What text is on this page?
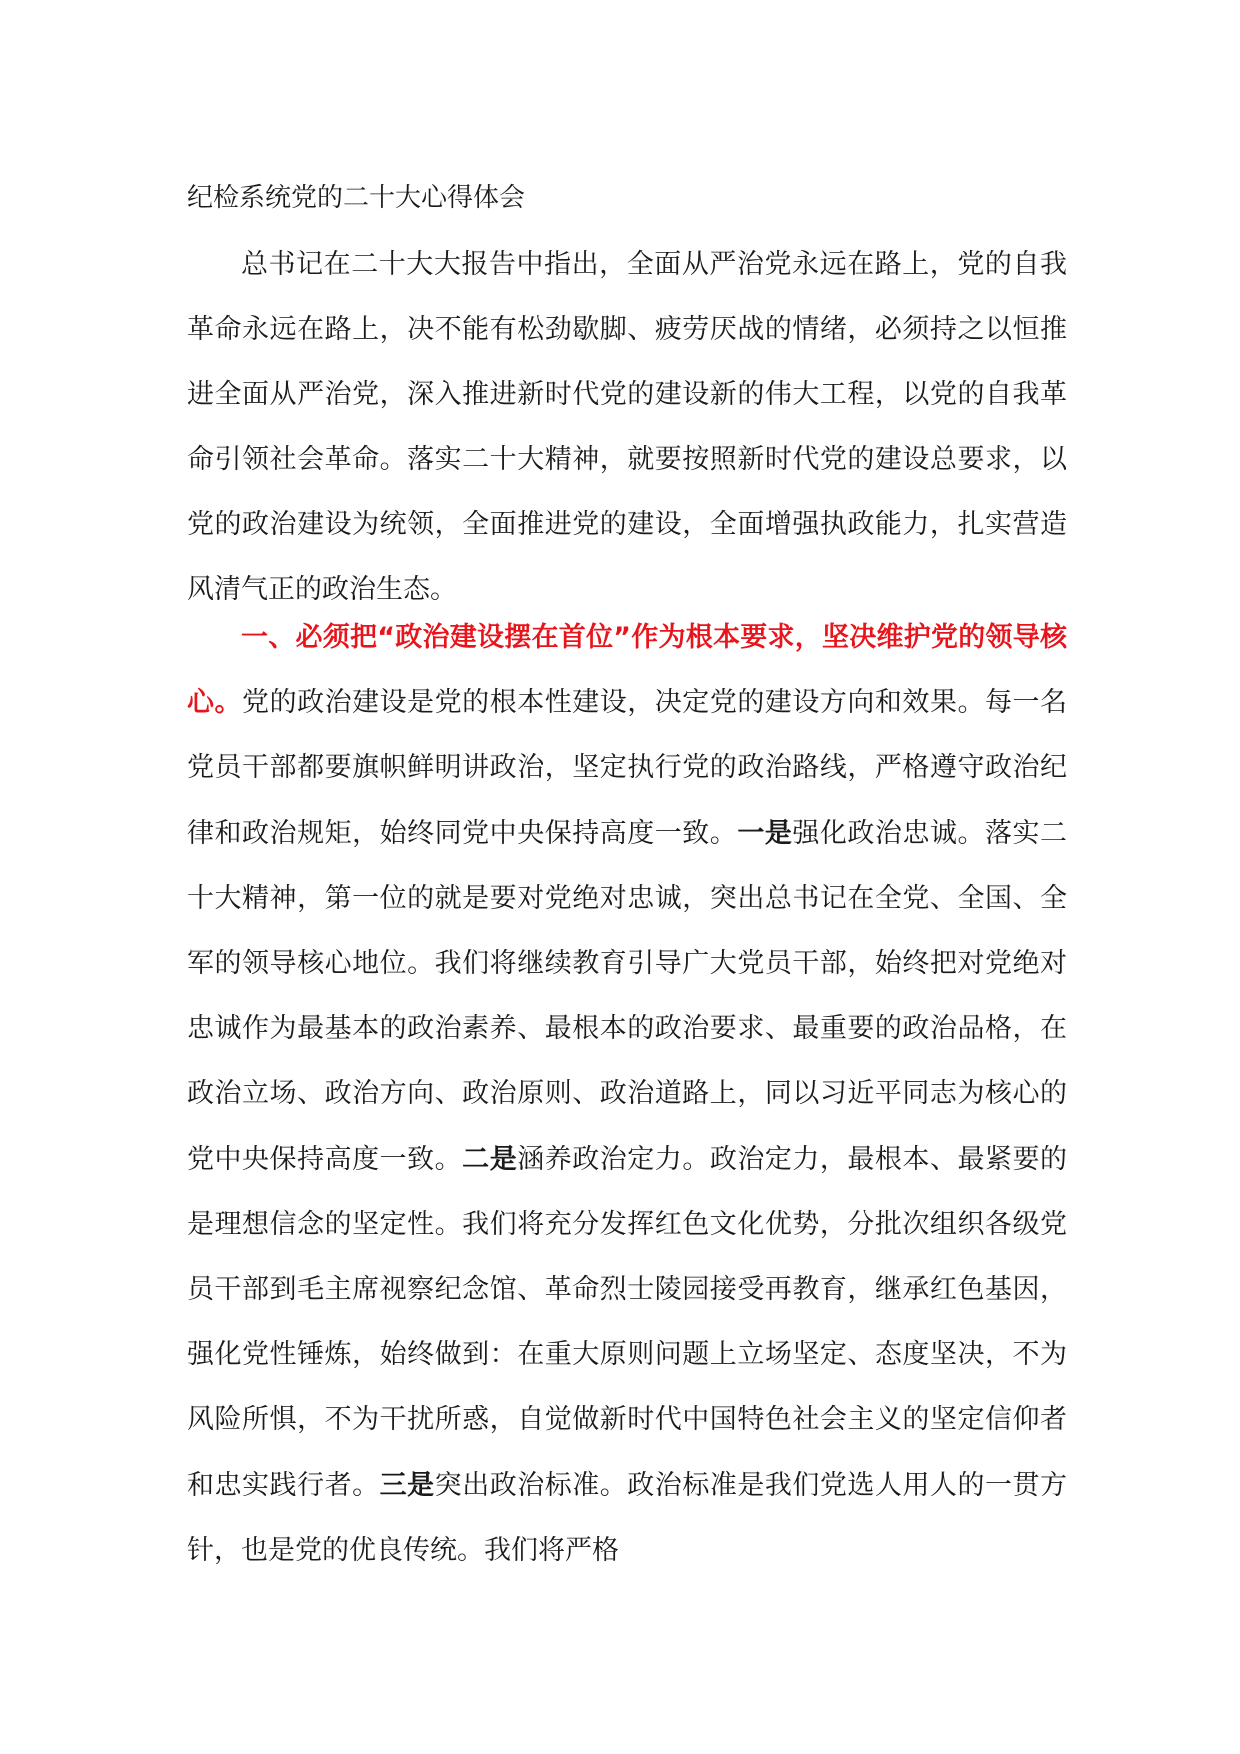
纪检系统党的二十大心得体会
总书记在二十大大报告中指出，全面从严治党永远在路上，党的自我革命永远在路上，决不能有松劲歇脚、疲劳厌战的情绪，必须持之以恒推进全面从严治党，深入推进新时代党的建设新的伟大工程，以党的自我革命引领社会革命。落实二十大精神，就要按照新时代党的建设总要求，以党的政治建设为统领，全面推进党的建设，全面增强执政能力，扎实营造风清气正的政治生态。
一、必须把“政治建设摆在首位”作为根本要求，坚决维护党的领导核心。党的政治建设是党的根本性建设，决定党的建设方向和效果。每一名党员干部都要旗帜鲜明讲政治，坚定执行党的政治路线，严格遵守政治纪律和政治规矩，始终同党中央保持高度一致。一是强化政治忠诚。落实二十大精神，第一位的就是要对党绝对忠诚，突出总书记在全党、全国、全军的领导核心地位。我们将继续教育引导广大党员干部，始终把对党绝对忠诚作为最基本的政治素养、最根本的政治要求、最重要的政治品格，在政治立场、政治方向、政治原则、政治道路上，同以习近平同志为核心的党中央保持高度一致。二是涵养政治定力。政治定力，最根本、最紧要的是理想信念的坚定性。我们将充分发挥红色文化优势，分批次组织各级党员干部到毛主席视察纪念馆、革命烈士陵园接受再教育，继承红色基因，强化党性锤炼，始终做到：在重大原则问题上立场坚定、态度坚决，不为风险所惧，不为干扰所惑，自觉做新时代中国特色社会主义的坚定信仰者和忠实践行者。三是突出政治标准。政治标准是我们党选人用人的一贯方针，也是党的优良传统。我们将严格
